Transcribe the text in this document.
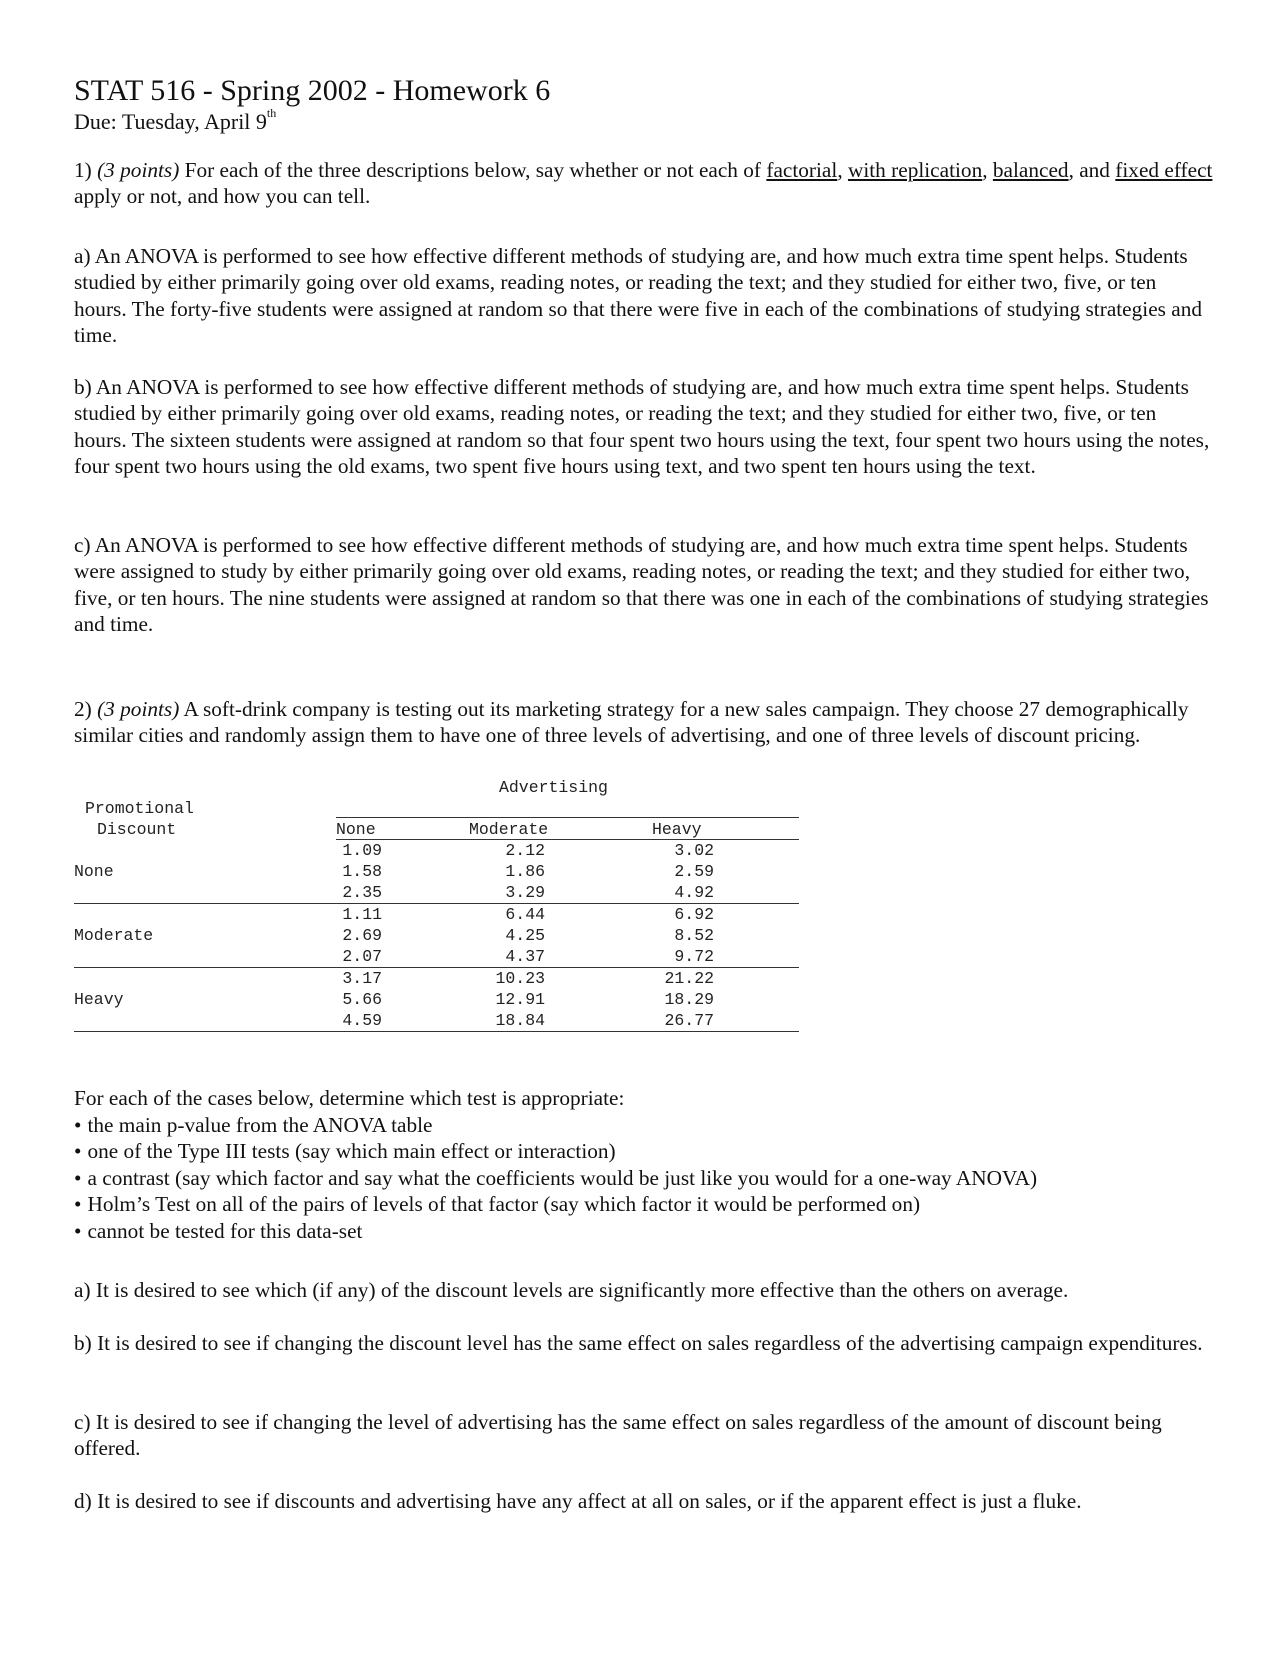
STAT 516 - Spring 2002 - Homework 6
Due: Tuesday, April 9th

1) (3 points) For each of the three descriptions below, say whether or not each of factorial, with replication, balanced, and fixed effect apply or not, and how you can tell.

a) An ANOVA is performed to see how effective different methods of studying are, and how much extra time spent helps. Students studied by either primarily going over old exams, reading notes, or reading the text; and they studied for either two, five, or ten hours. The forty-five students were assigned at random so that there were five in each of the combinations of studying strategies and time.

b) An ANOVA is performed to see how effective different methods of studying are, and how much extra time spent helps. Students studied by either primarily going over old exams, reading notes, or reading the text; and they studied for either two, five, or ten hours. The sixteen students were assigned at random so that four spent two hours using the text, four spent two hours using the notes, four spent two hours using the old exams, two spent five hours using text, and two spent ten hours using the text.

c) An ANOVA is performed to see how effective different methods of studying are, and how much extra time spent helps. Students were assigned to study by either primarily going over old exams, reading notes, or reading the text; and they studied for either two, five, or ten hours. The nine students were assigned at random so that there was one in each of the combinations of studying strategies and time.

2) (3 points) A soft-drink company is testing out its marketing strategy for a new sales campaign. They choose 27 demographically similar cities and randomly assign them to have one of three levels of advertising, and one of three levels of discount pricing.

Advertising
Promotional
Discount	None	Moderate	Heavy
None
1.09	2.12	3.02
1.58	1.86	2.59
2.35	3.29	4.92
Moderate
1.11	6.44	6.92
2.69	4.25	8.52
2.07	4.37	9.72
Heavy
3.17	10.23	21.22
5.66	12.91	18.29
4.59	18.84	26.77

For each of the cases below, determine which test is appropriate:

• the main p-value from the ANOVA table
• one of the Type III tests (say which main effect or interaction)
• a contrast (say which factor and say what the coefficients would be just like you would for a one-way ANOVA)
• Holm’s Test on all of the pairs of levels of that factor (say which factor it would be performed on)
• cannot be tested for this data-set

a) It is desired to see which (if any) of the discount levels are significantly more effective than the others on average.

b) It is desired to see if changing the discount level has the same effect on sales regardless of the advertising campaign expenditures.

c) It is desired to see if changing the level of advertising has the same effect on sales regardless of the amount of discount being offered.

d) It is desired to see if discounts and advertising have any affect at all on sales, or if the apparent effect is just a fluke.
